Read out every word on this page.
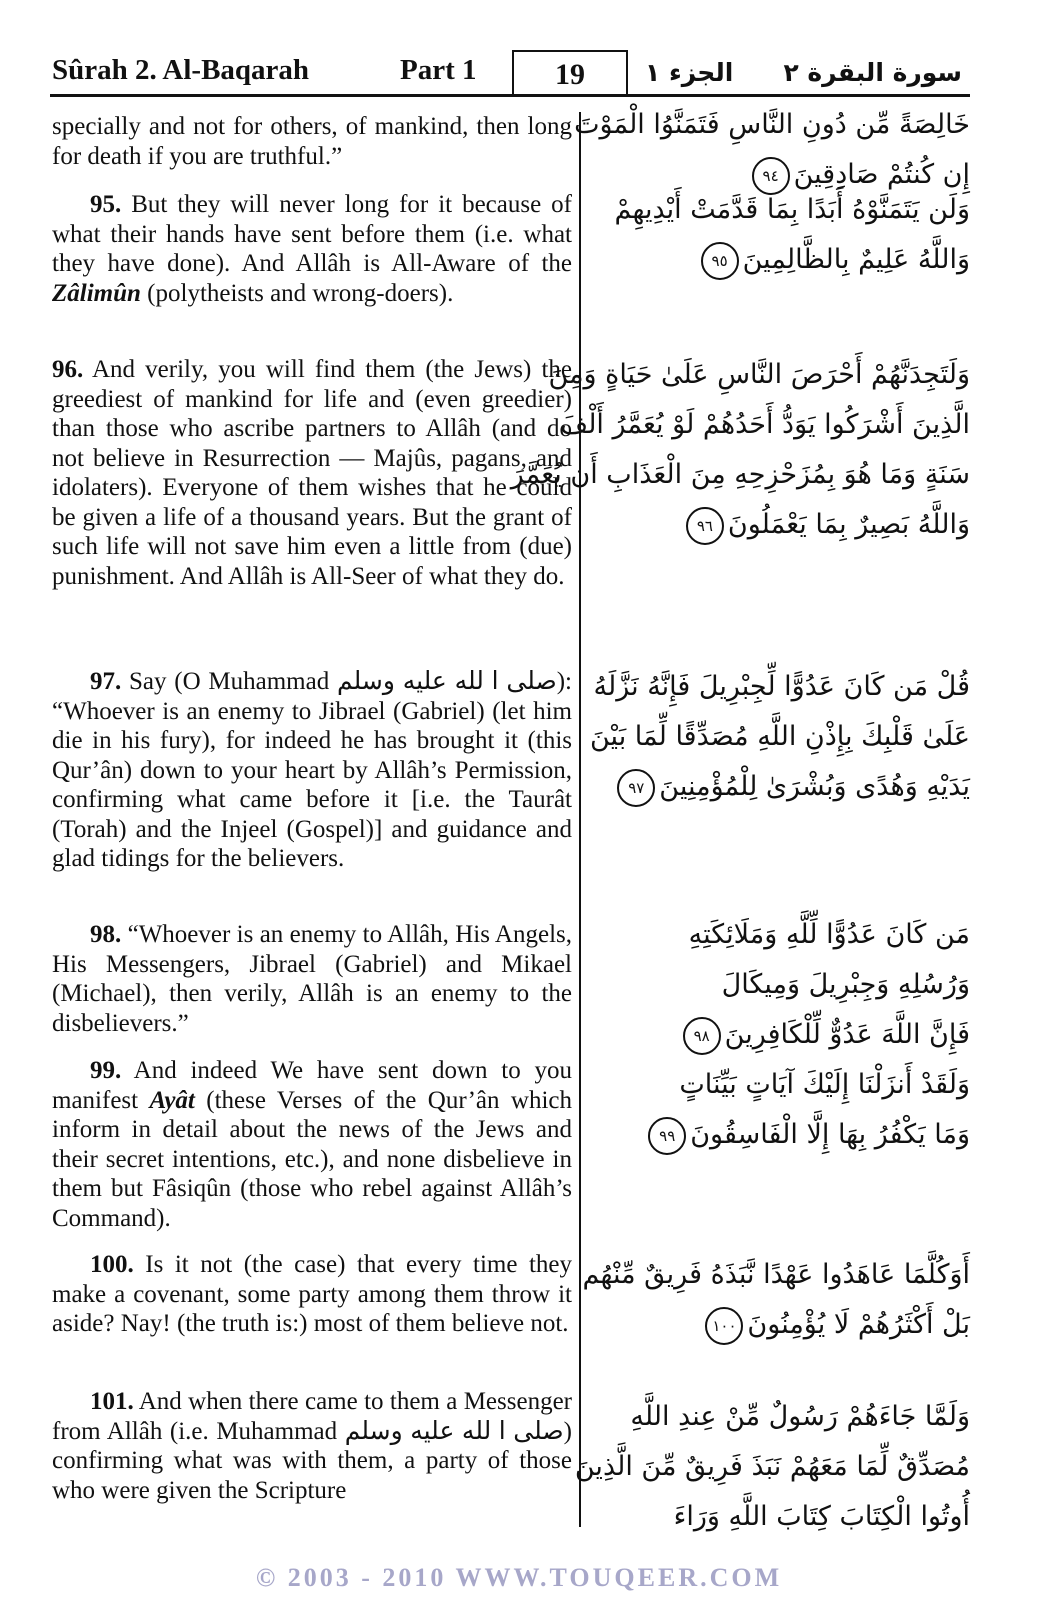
Sûrah 2. Al-Baqarah	Part 1	19	الجزء ١ سورة البقرة ٢

specially and not for others, of mankind, then long for death if you are truthful.”

خَالِصَةً مِّن دُونِ النَّاسِ فَتَمَنَّوُا الْمَوْتَ
إِن كُنتُمْ صَادِقِينَ٩٤

95. But they will never long for it because of what their hands have sent before them (i.e. what they have done). And Allâh is All-Aware of the Zâlimûn (polytheists and wrong-doers).

وَلَن يَتَمَنَّوْهُ أَبَدًا بِمَا قَدَّمَتْ أَيْدِيهِمْ
وَاللَّهُ عَلِيمٌ بِالظَّالِمِينَ٩٥

96. And verily, you will find them (the Jews) the greediest of mankind for life and (even greedier) than those who ascribe partners to Allâh (and do not believe in Resurrection — Majûs, pagans, and idolaters). Everyone of them wishes that he could be given a life of a thousand years. But the grant of such life will not save him even a little from (due) punishment. And Allâh is All-Seer of what they do.

وَلَتَجِدَنَّهُمْ أَحْرَصَ النَّاسِ عَلَىٰ حَيَاةٍ وَمِنَ
الَّذِينَ أَشْرَكُوا يَوَدُّ أَحَدُهُمْ لَوْ يُعَمَّرُ أَلْفَ
سَنَةٍ وَمَا هُوَ بِمُزَحْزِحِهِ مِنَ الْعَذَابِ أَن يُعَمَّرَ
وَاللَّهُ بَصِيرٌ بِمَا يَعْمَلُونَ٩٦

97. Say (O Muhammad صلى ا لله عليه وسلم): “Whoever is an enemy to Jibrael (Gabriel) (let him die in his fury), for indeed he has brought it (this Qur’ân) down to your heart by Allâh’s Permission, confirming what came before it [i.e. the Taurât (Torah) and the Injeel (Gospel)] and guidance and glad tidings for the believers.

قُلْ مَن كَانَ عَدُوًّا لِّجِبْرِيلَ فَإِنَّهُ نَزَّلَهُ
عَلَىٰ قَلْبِكَ بِإِذْنِ اللَّهِ مُصَدِّقًا لِّمَا بَيْنَ
يَدَيْهِ وَهُدًى وَبُشْرَىٰ لِلْمُؤْمِنِينَ٩٧

98. “Whoever is an enemy to Allâh, His Angels, His Messengers, Jibrael (Gabriel) and Mikael (Michael), then verily, Allâh is an enemy to the disbelievers.”

مَن كَانَ عَدُوًّا لِّلَّهِ وَمَلَائِكَتِهِ
وَرُسُلِهِ وَجِبْرِيلَ وَمِيكَالَ
فَإِنَّ اللَّهَ عَدُوٌّ لِّلْكَافِرِينَ٩٨

99. And indeed We have sent down to you manifest Ayât (these Verses of the Qur’ân which inform in detail about the news of the Jews and their secret intentions, etc.), and none disbelieve in them but Fâsiqûn (those who rebel against Allâh’s Command).

وَلَقَدْ أَنزَلْنَا إِلَيْكَ آيَاتٍ بَيِّنَاتٍ
وَمَا يَكْفُرُ بِهَا إِلَّا الْفَاسِقُونَ٩٩

100. Is it not (the case) that every time they make a covenant, some party among them throw it aside? Nay! (the truth is:) most of them believe not.

أَوَكُلَّمَا عَاهَدُوا عَهْدًا نَّبَذَهُ فَرِيقٌ مِّنْهُم
بَلْ أَكْثَرُهُمْ لَا يُؤْمِنُونَ١٠٠

101. And when there came to them a Messenger from Allâh (i.e. Muhammad صلى ا لله عليه وسلم) confirming what was with them, a party of those who were given the Scripture

وَلَمَّا جَاءَهُمْ رَسُولٌ مِّنْ عِندِ اللَّهِ
مُصَدِّقٌ لِّمَا مَعَهُمْ نَبَذَ فَرِيقٌ مِّنَ الَّذِينَ
أُوتُوا الْكِتَابَ كِتَابَ اللَّهِ وَرَاءَ
© 2003 - 2010 WWW.TOUQEER.COM
